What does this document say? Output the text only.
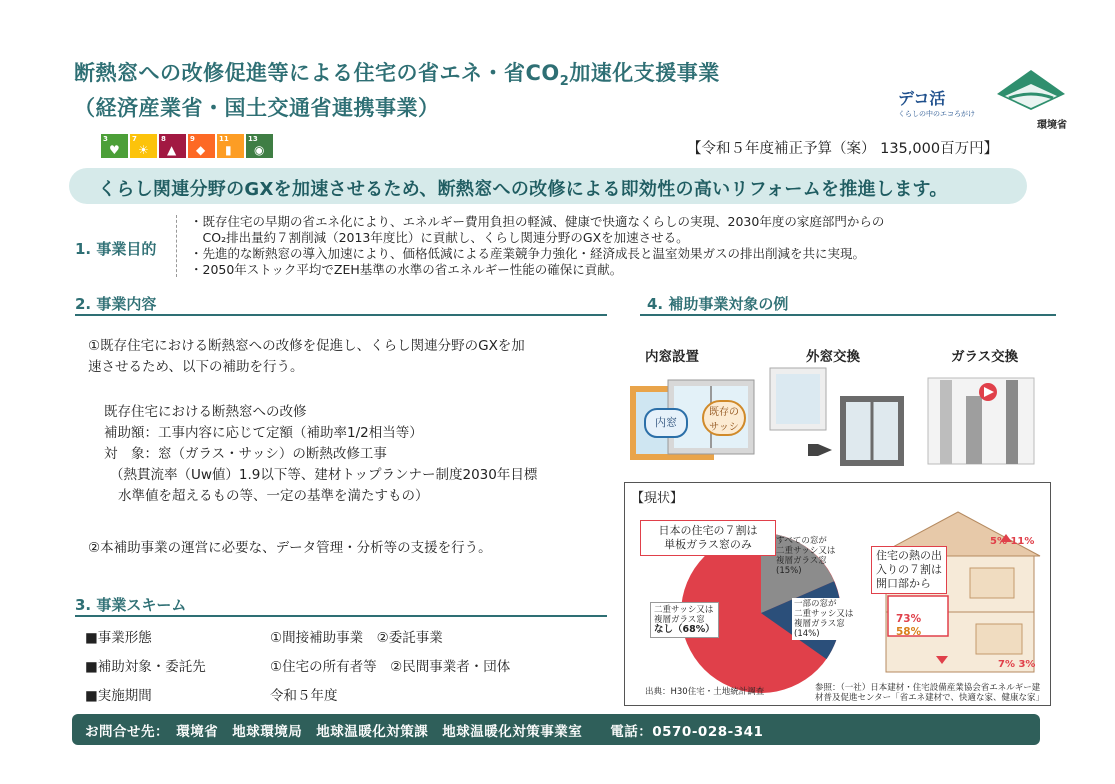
断熱窓への改修促進等による住宅の省エネ・省$CO_2$加速化支援事業
（経済産業省・国土交通省連携事業）	デコ活
くらしの中のエコろがけ
環境省
3
♥
7
☀
8
▲
9
◆
11
▮
13
◉	【令和５年度補正予算（案） 135,000百万円】
くらし関連分野のGXを加速させるため、断熱窓への改修による即効性の高いリフォームを推進します。
1. 事業目的
・既存住宅の早期の省エネ化により、エネルギー費用負担の軽減、健康で快適なくらしの実現、2030年度の家庭部門からの
　CO₂排出量約７割削減（2013年度比）に貢献し、くらし関連分野のGXを加速させる。
・先進的な断熱窓の導入加速により、価格低減による産業競争力強化・経済成長と温室効果ガスの排出削減を共に実現。
・2050年ストック平均でZEH基準の水準の省エネルギー性能の確保に貢献。
2. 事業内容
①既存住宅における断熱窓への改修を促進し、くらし関連分野のGXを加
速させるため、以下の補助を行う。
既存住宅における断熱窓への改修
補助額：工事内容に応じて定額（補助率1/2相当等）
対　象：窓（ガラス・サッシ）の断熱改修工事
（熱貫流率（Uw値）1.9以下等、建材トップランナー制度2030年目標
水準値を超えるもの等、一定の基準を満たすもの）
②本補助事業の運営に必要な、データ管理・分析等の支援を行う。
3. 事業スキーム
■事業形態	①間接補助事業　②委託事業
■補助対象・委託先	①住宅の所有者等　②民間事業者・団体
■実施期間	令和５年度
4. 補助事業対象の例
内窓設置	外窓交換	ガラス交換
内窓
既存の
サッシ
【現状】
日本の住宅の７割は
単板ガラス窓のみ	すべての窓が
二重サッシ又は
複層ガラス窓
(15%)
二重サッシ又は
複層ガラス窓
なし（68%）
一部の窓が
二重サッシ又は
複層ガラス窓
(14%)
出典：H30住宅・土地統計調査
住宅の熱の出
入りの７割は
開口部から
5% 11%
73%
58%
7% 3%
参照：（一社）日本建材・住宅設備産業協会省エネルギー建
材普及促進センター「省エネ建材で、快適な家、健康な家」
お問合せ先：　環境省　地球環境局　地球温暖化対策課　地球温暖化対策事業室　　電話：0570-028-341
